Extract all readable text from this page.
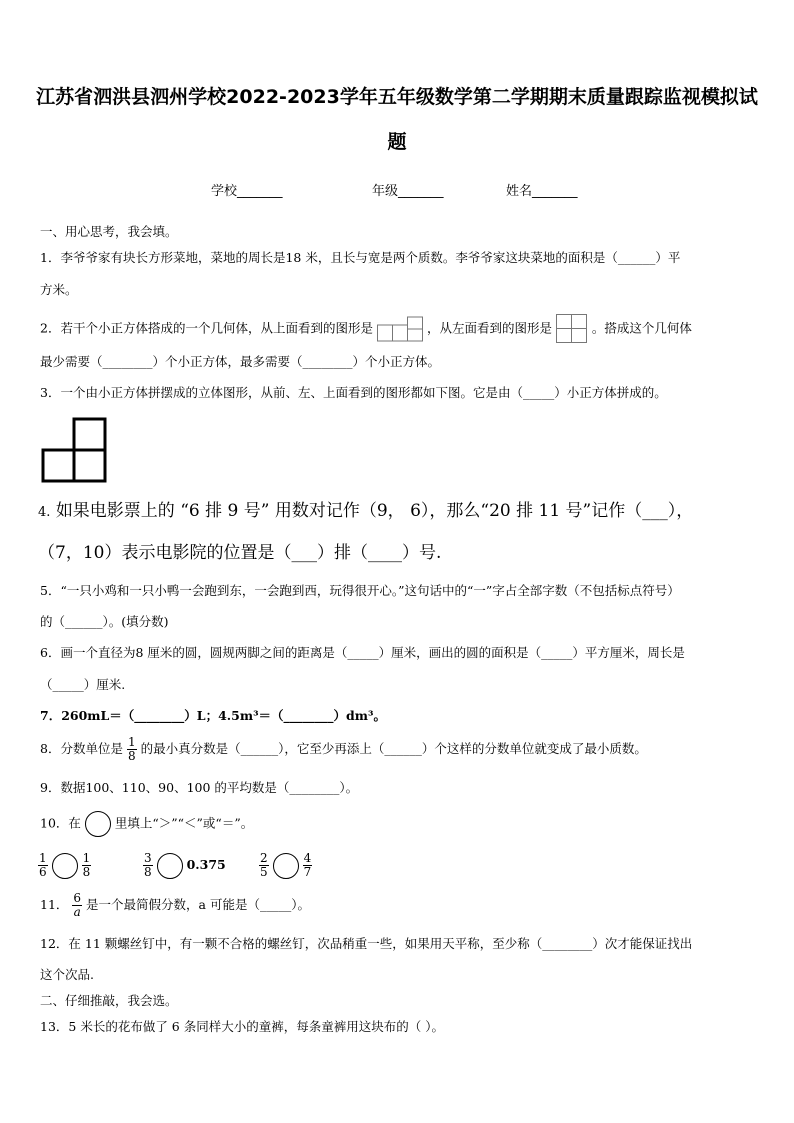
江苏省泗洪县泗州学校2022-2023学年五年级数学第二学期期末质量跟踪监视模拟试
题
学校_______	年级_______	姓名_______
一、用心思考，我会填。
1．李爷爷家有块长方形菜地，菜地的周长是18 米，且长与宽是两个质数。李爷爷家这块菜地的面积是（______）平
方米。
2．若干个小正方体搭成的一个几何体，从上面看到的图形是	，从左面看到的图形是	。搭成这个几何体
最少需要（________）个小正方体，最多需要（________）个小正方体。
3．一个由小正方体拼摆成的立体图形，从前、左、上面看到的图形都如下图。它是由（_____）小正方体拼成的。
4. 如果电影票上的 “6 排 9 号” 用数对记作（9， 6），那么“20 排 11 号”记作（___），
（7，10）表示电影院的位置是（___）排（____）号.
5．“一只小鸡和一只小鸭一会跑到东，一会跑到西，玩得很开心。”这句话中的“一”字占全部字数（不包括标点符号）
的（______）。(填分数)
6．画一个直径为8 厘米的圆，圆规两脚之间的距离是（_____）厘米，画出的圆的面积是（_____）平方厘米，周长是
（_____）厘米.
7．260mL＝（________）L；4.5m³＝（________）dm³。
8．分数单位是 $\frac{1}{8}$ 的最小真分数是（______），它至少再添上（______）个这样的分数单位就变成了最小质数。
9．数据100、110、90、100 的平均数是（________）。
10．在	里填上“＞”“＜”或“＝”。
$\frac{1}{6}$
	$\frac{1}{8}$	$\frac{3}{8}$	0.375	$\frac{2}{5}$
	$\frac{4}{7}$
11． $\frac{6}{a}$ 是一个最简假分数，a 可能是（_____）。
12．在 11 颗螺丝钉中，有一颗不合格的螺丝钉，次品稍重一些，如果用天平称，至少称（________）次才能保证找出
这个次品.
二、仔细推敲，我会选。
13．5 米长的花布做了 6 条同样大小的童裤，每条童裤用这块布的（ ）。
